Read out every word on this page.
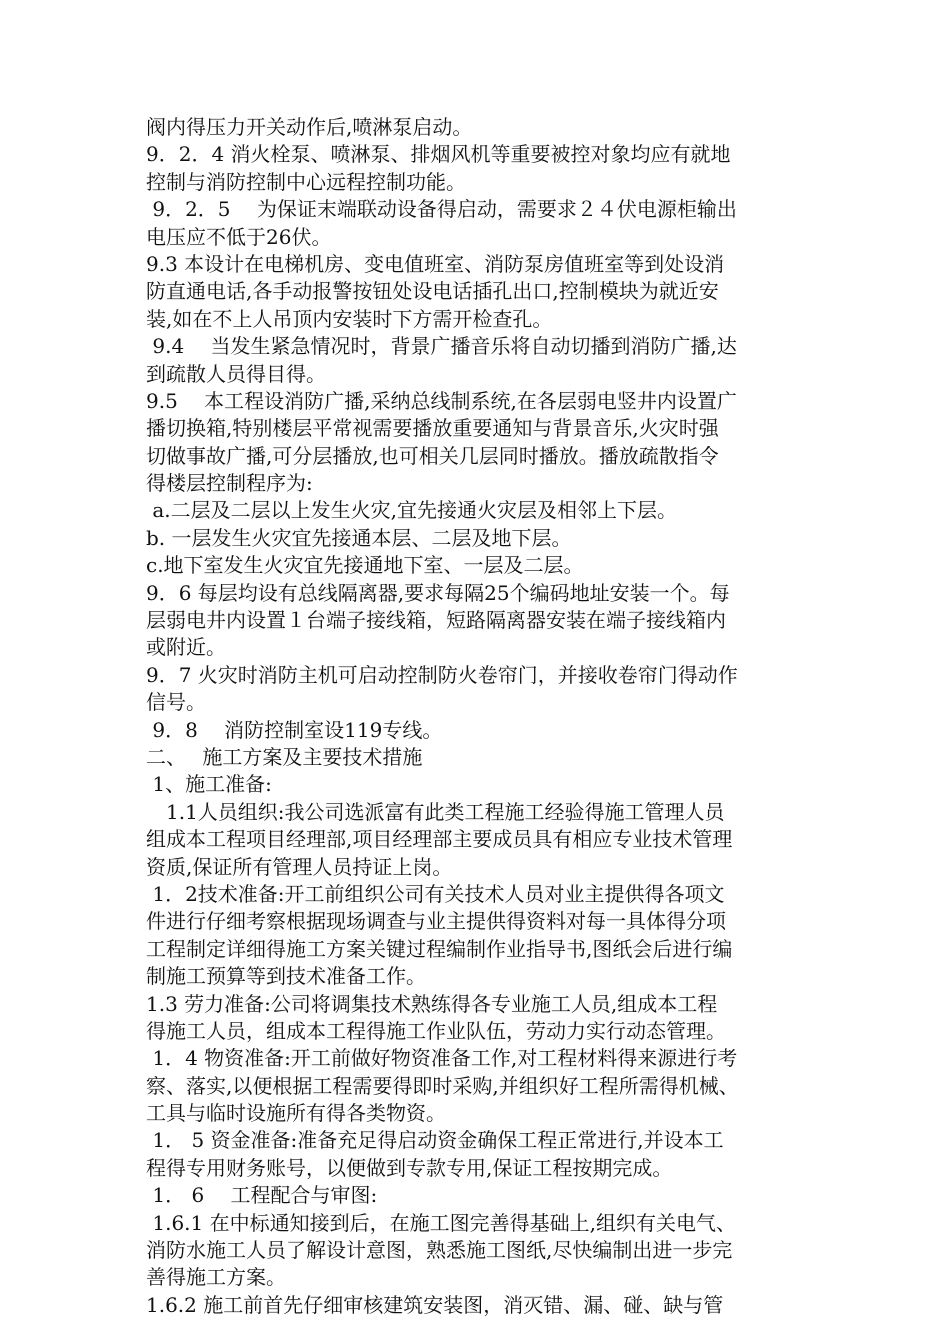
阀内得压力开关动作后,喷淋泵启动。
9．2．4 消火栓泵、喷淋泵、排烟风机等重要被控对象均应有就地
控制与消防控制中心远程控制功能。
9．2．5　 为保证末端联动设备得启动，需要求２４伏电源柜输出
电压应不低于26伏。
9.3 本设计在电梯机房、变电值班室、消防泵房值班室等到处设消
防直通电话,各手动报警按钮处设电话插孔出口,控制模块为就近安
装,如在不上人吊顶内安装时下方需开检查孔。
9.4　 当发生紧急情况时，背景广播音乐将自动切播到消防广播,达
到疏散人员得目得。
9.5　 本工程设消防广播,采纳总线制系统,在各层弱电竖井内设置广
播切换箱,特别楼层平常视需要播放重要通知与背景音乐,火灾时强
切做事故广播,可分层播放,也可相关几层同时播放。播放疏散指令
得楼层控制程序为:
a.二层及二层以上发生火灾,宜先接通火灾层及相邻上下层。
b. 一层发生火灾宜先接通本层、二层及地下层。
c.地下室发生火灾宜先接通地下室、一层及二层。
9．6 每层均设有总线隔离器,要求每隔25个编码地址安装一个。每
层弱电井内设置１台端子接线箱，短路隔离器安装在端子接线箱内
或附近。
9．7 火灾时消防主机可启动控制防火卷帘门，并接收卷帘门得动作
信号。
9．8　 消防控制室设119专线。
二、　 施工方案及主要技术措施
1、施工准备:
　1.1人员组织:我公司选派富有此类工程施工经验得施工管理人员
组成本工程项目经理部,项目经理部主要成员具有相应专业技术管理
资质,保证所有管理人员持证上岗。
1．2技术准备:开工前组织公司有关技术人员对业主提供得各项文
件进行仔细考察根据现场调查与业主提供得资料对每一具体得分项
工程制定详细得施工方案关键过程编制作业指导书,图纸会后进行编
制施工预算等到技术准备工作。
1.3 劳力准备:公司将调集技术熟练得各专业施工人员,组成本工程
得施工人员，组成本工程得施工作业队伍，劳动力实行动态管理。
1．4 物资准备:开工前做好物资准备工作,对工程材料得来源进行考
察、落实,以便根据工程需要得即时采购,并组织好工程所需得机械、
工具与临时设施所有得各类物资。
1． 5 资金准备:准备充足得启动资金确保工程正常进行,并设本工
程得专用财务账号，以便做到专款专用,保证工程按期完成。
1． 6　 工程配合与审图:
1.6.1 在中标通知接到后，在施工图完善得基础上,组织有关电气、
消防水施工人员了解设计意图，熟悉施工图纸,尽快编制出进一步完
善得施工方案。
1.6.2 施工前首先仔细审核建筑安装图，消灭错、漏、碰、缺与管
